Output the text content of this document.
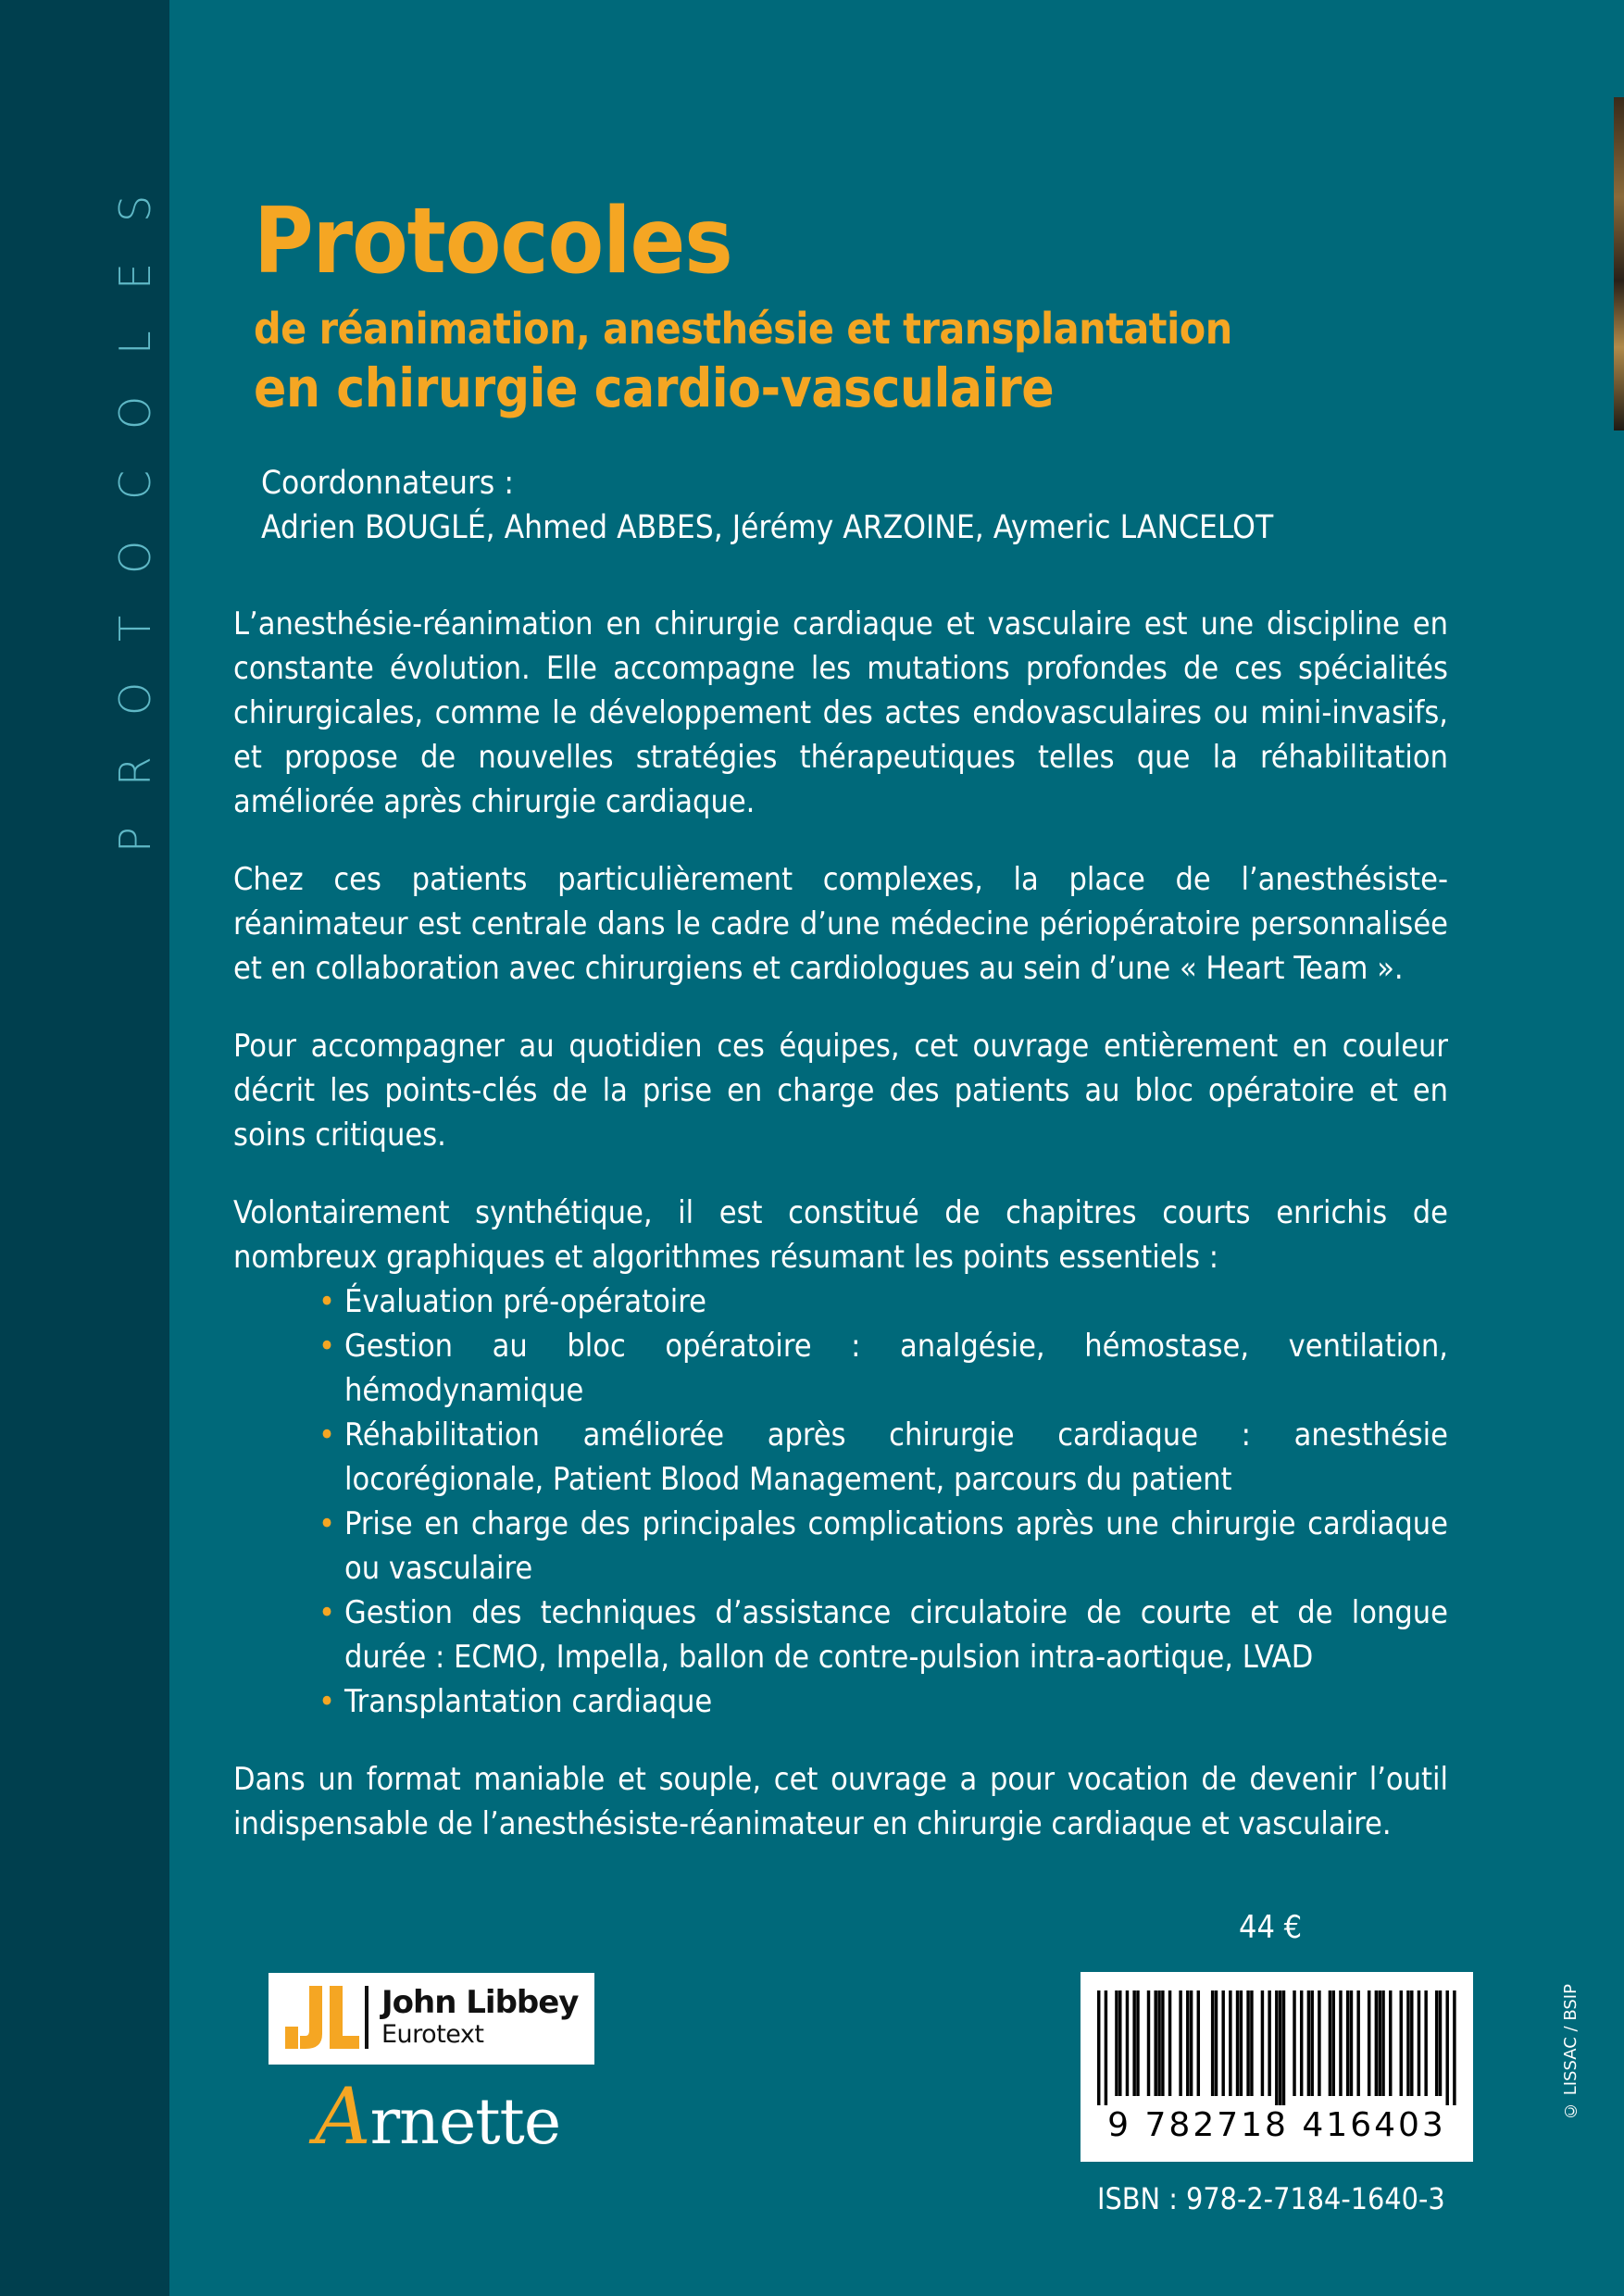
P
R
O
T
O
C
O
L
E
S Protocoles
de réanimation, anesthésie et transplantation
en chirurgie cardio-vasculaire
Coordonnateurs :
Adrien BOUGLÉ, Ahmed ABBES, Jérémy ARZOINE, Aymeric LANCELOT

L’anesthésie-réanimation en chirurgie cardiaque et vasculaire est une discipline en constante évolution. Elle accompagne les mutations profondes de ces spécialités chirurgicales, comme le développement des actes endovasculaires ou mini-invasifs, et propose de nouvelles stratégies thérapeutiques telles que la réhabilitation améliorée après chirurgie cardiaque.

Chez ces patients particulièrement complexes, la place de l’anesthésiste-réanimateur est centrale dans le cadre d’une médecine périopératoire personnalisée et en collaboration avec chirurgiens et cardiologues au sein d’une « Heart Team ».

Pour accompagner au quotidien ces équipes, cet ouvrage entièrement en couleur décrit les points-clés de la prise en charge des patients au bloc opératoire et en soins critiques.

Volontairement synthétique, il est constitué de chapitres courts enrichis de nombreux graphiques et algorithmes résumant les points essentiels :

• Évaluation pré-opératoire
• Gestion au bloc opératoire : analgésie, hémostase, ventilation, hémodynamique
• Réhabilitation améliorée après chirurgie cardiaque : anesthésie locorégionale, Patient Blood Management, parcours du patient
• Prise en charge des principales complications après une chirurgie cardiaque ou vasculaire
• Gestion des techniques d’assistance circulatoire de courte et de longue durée : ECMO, Impella, ballon de contre-pulsion intra-aortique, LVAD
• Transplantation cardiaque

Dans un format maniable et souple, cet ouvrage a pour vocation de devenir l’outil indispensable de l’anesthésiste-réanimateur en chirurgie cardiaque et vasculaire.

44 €
John Libbey
Eurotext
Arnette	9 782718 416403
ISBN : 978-2-7184-1640-3
© LISSAC / BSIP
